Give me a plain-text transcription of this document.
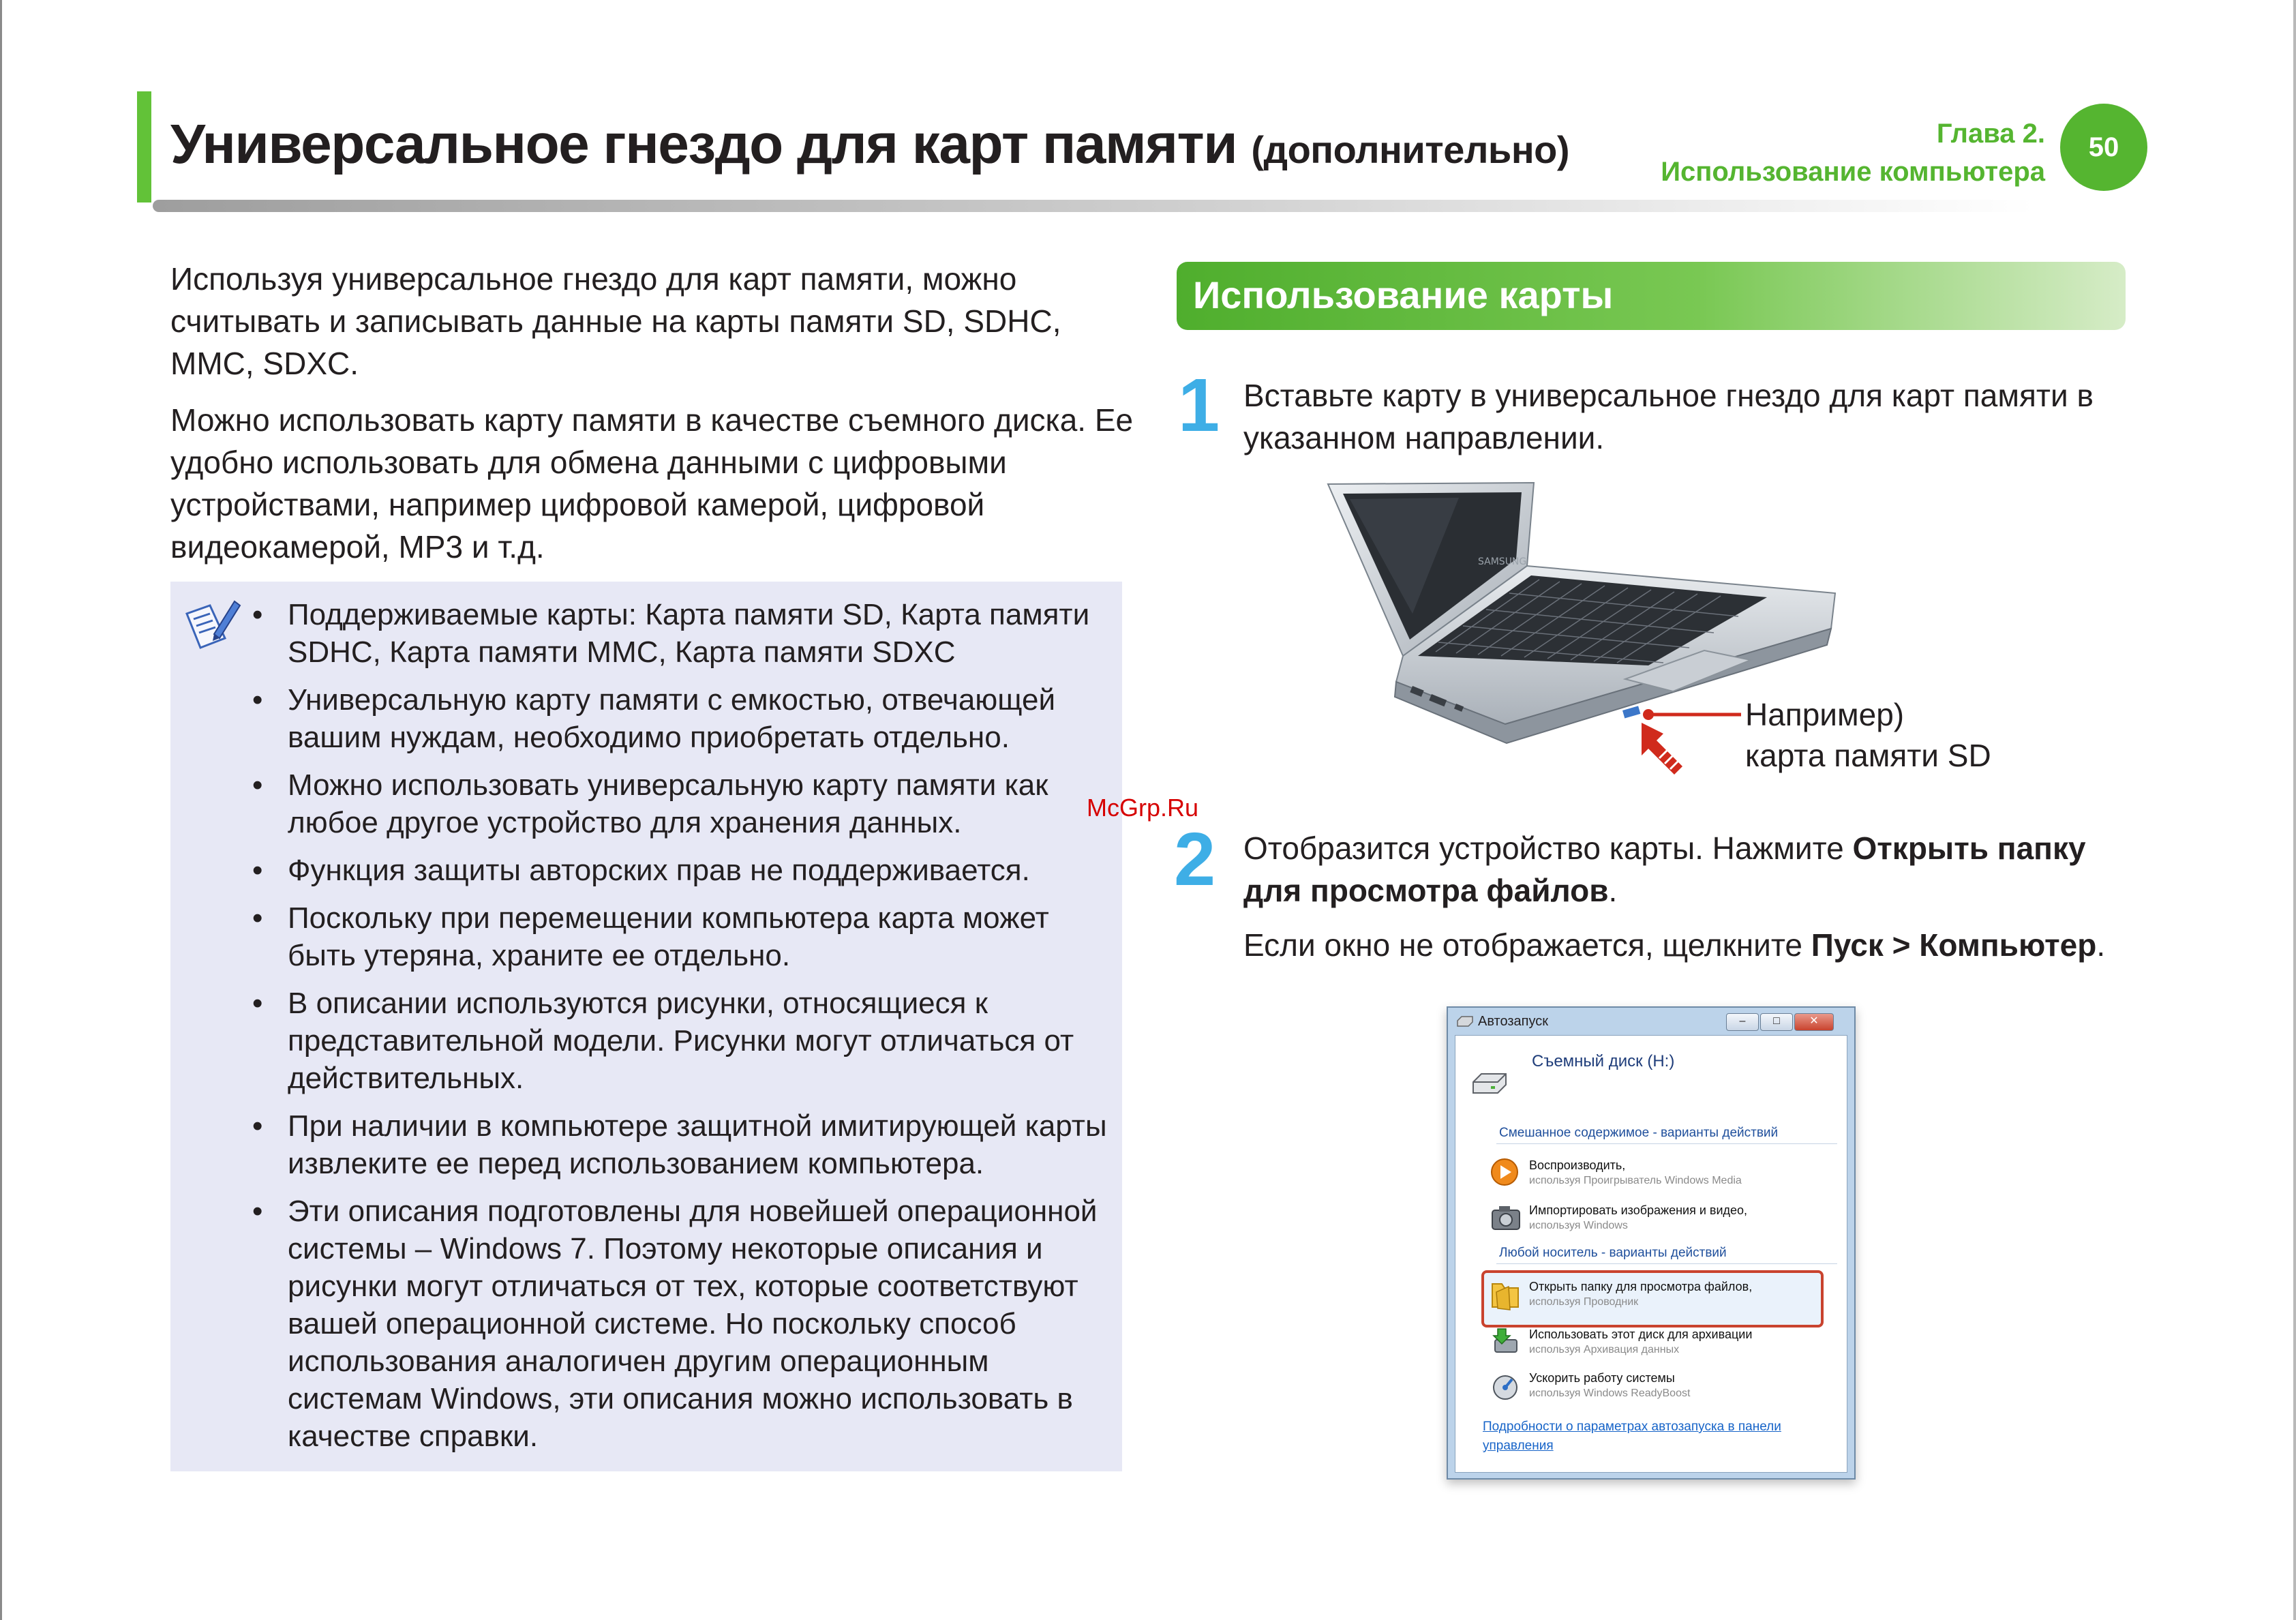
Универсальное гнездо для карт памяти (дополнительно)	Глава 2.
Использование компьютера
50
Используя универсальное гнездо для карт памяти, можно считывать и записывать данные на карты памяти SD, SDHC, MMC, SDXC.
Можно использовать карту памяти в качестве съемного диска. Ее удобно использовать для обмена данными с цифровыми устройствами, например цифровой камерой, цифровой видеокамерой, MP3 и т.д.
• Поддерживаемые карты: Карта памяти SD, Карта памяти SDHC, Карта памяти MMC, Карта памяти SDXC
• Универсальную карту памяти с емкостью, отвечающей вашим нуждам, необходимо приобретать отдельно.
• Можно использовать универсальную карту памяти как любое другое устройство для хранения данных.
• Функция защиты авторских прав не поддерживается.
• Поскольку при перемещении компьютера карта может быть утеряна, храните ее отдельно.
• В описании используются рисунки, относящиеся к представительной модели. Рисунки могут отличаться от действительных.
• При наличии в компьютере защитной имитирующей карты извлеките ее перед использованием компьютера.
• Эти описания подготовлены для новейшей операционной системы – Windows 7. Поэтому некоторые описания и рисунки могут отличаться от тех, которые соответствуют вашей операционной системе. Но поскольку способ использования аналогичен другим операционным системам Windows, эти описания можно использовать в качестве справки.
Использование карты
1 Вставьте карту в универсальное гнездо для карт памяти в указанном направлении.
SAMSUNG
Например)
карта памяти SD
McGrp.Ru
2 Отобразится устройство карты. Нажмите Открыть папку для просмотра файлов.
Если окно не отображается, щелкните Пуск > Компьютер.
Автозапуск	–	□	✕
Съемный диск (H:)
Смешанное содержимое - варианты действий
Воспроизводить,
используя Проигрыватель Windows Media
Импортировать изображения и видео,
используя Windows
Любой носитель - варианты действий
Открыть папку для просмотра файлов,
используя Проводник
Использовать этот диск для архивации
используя Архивация данных
Ускорить работу системы
используя Windows ReadyBoost
Подробности о параметрах автозапуска в панели управления
